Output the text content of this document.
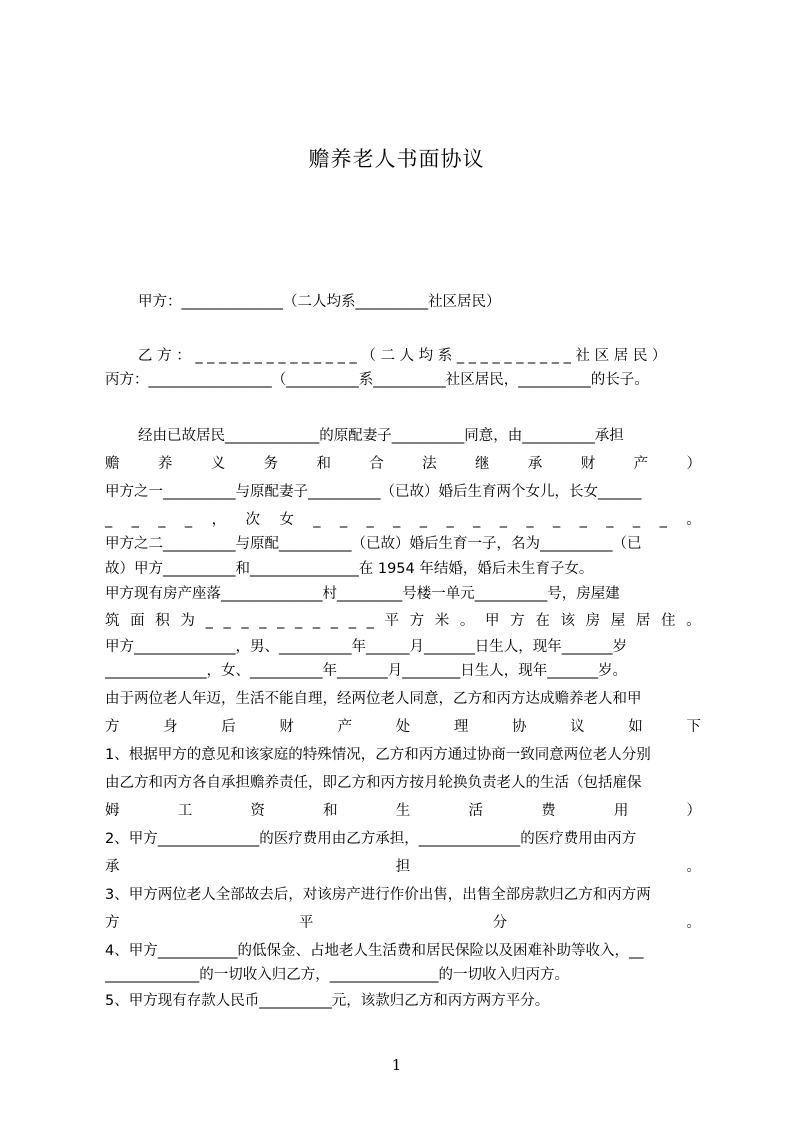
赡养老人书面协议
甲方：______________（二人均系__________社区居民）
乙 方 ： _ _ _ _ _ _ _ _ _ _ _ _ _ _ （ 二 人 均 系 _ _ _ _ _ _ _ _ _ _ 社 区 居 民 ）
丙方：_________________（__________系__________社区居民，__________的长子。
经由已故居民_____________的原配妻子__________同意，由__________承担
赡	养	义	务	和	合	法	继	承	财	产	）
甲方之一__________与原配妻子__________（已故）婚后生育两个女儿，长女______
_ _ _ _ ， 次 女 _ _ _ _ _ _ _ _ _ _ _ _ _ _ 。
甲方之二__________与原配__________（已故）婚后生育一子，名为__________（已
故）甲方__________和_______________在 1954 年结婚，婚后未生育子女。
甲方现有房产座落______________村_________号楼一单元__________号，房屋建
筑 面 积 为 _ _ _ _ _ _ _ _ _ _ 平 方 米 。 甲 方 在 该 房 屋 居 住 。
甲方______________，男、__________年______月_______日生人，现年_______岁
______________，女、__________年_______月________日生人，现年_______岁。
由于两位老人年迈，生活不能自理，经两位老人同意，乙方和丙方达成赡养老人和甲
方	身	后	财	产	处	理	协	议	如	下
1、根据甲方的意见和该家庭的特殊情况，乙方和丙方通过协商一致同意两位老人分别
由乙方和丙方各自承担赡养责任，即乙方和丙方按月轮换负责老人的生活（包括雇保
姆	工	资	和	生	活	费	用	）
2、甲方______________的医疗费用由乙方承担，______________的医疗费用由丙方
承	担	。
3、甲方两位老人全部故去后，对该房产进行作价出售，出售全部房款归乙方和丙方两
方	平	分	。
4、甲方___________的低保金、占地老人生活费和居民保险以及困难补助等收入，__
_____________的一切收入归乙方，_______________的一切收入归丙方。
5、甲方现有存款人民币__________元，该款归乙方和丙方两方平分。
1
